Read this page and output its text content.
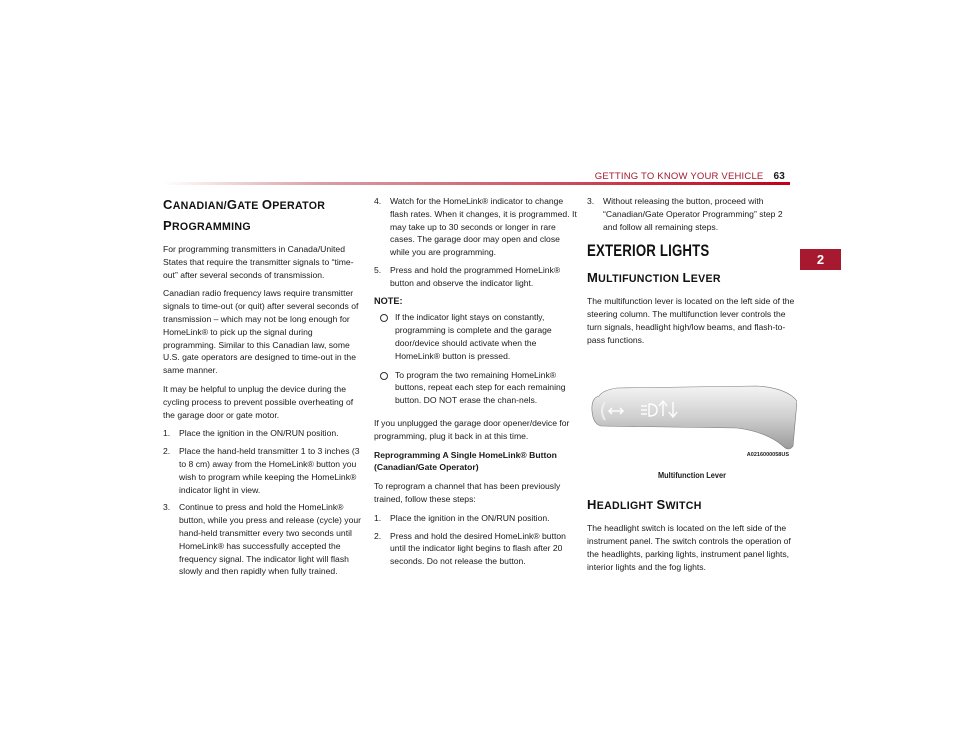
GETTING TO KNOW YOUR VEHICLE 63
2
CANADIAN/GATE OPERATOR
PROGRAMMING

For programming transmitters in Canada/United States that require the transmitter signals to “time-out” after several seconds of transmission.

Canadian radio frequency laws require transmitter signals to time-out (or quit) after several seconds of transmission – which may not be long enough for HomeLink® to pick up the signal during programming. Similar to this Canadian law, some U.S. gate operators are designed to time-out in the same manner.

It may be helpful to unplug the device during the cycling process to prevent possible overheating of the garage door or gate motor.

1.	Place the ignition in the ON/RUN position.
2.	Place the hand-held transmitter 1 to 3 inches (3 to 8 cm) away from the HomeLink® button you wish to program while keeping the HomeLink® indicator light in view.
3.	Continue to press and hold the HomeLink® button, while you press and release (cycle) your hand-held transmitter every two seconds until HomeLink® has successfully accepted the frequency signal. The indicator light will flash slowly and then rapidly when fully trained.
4.	Watch for the HomeLink® indicator to change flash rates. When it changes, it is programmed. It may take up to 30 seconds or longer in rare cases. The garage door may open and close while you are programming.
5.	Press and hold the programmed HomeLink® button and observe the indicator light.
NOTE:
If the indicator light stays on constantly, programming is complete and the garage door/device should activate when the HomeLink® button is pressed.
To program the two remaining HomeLink® buttons, repeat each step for each remaining button. DO NOT erase the chan-nels.

If you unplugged the garage door opener/device for programming, plug it back in at this time.

Reprogramming A Single HomeLink® Button (Canadian/Gate Operator)

To reprogram a channel that has been previously trained, follow these steps:

1.	Place the ignition in the ON/RUN position.
2.	Press and hold the desired HomeLink® button until the indicator light begins to flash after 20 seconds. Do not release the button.
3.	Without releasing the button, proceed with “Canadian/Gate Operator Programming” step 2 and follow all remaining steps.
EXTERIOR LIGHTS
MULTIFUNCTION LEVER

The multifunction lever is located on the left side of the steering column. The multifunction lever controls the turn signals, headlight high/low beams, and flash-to-pass functions.

A0216000058US
Multifunction Lever
HEADLIGHT SWITCH

The headlight switch is located on the left side of the instrument panel. The switch controls the operation of the headlights, parking lights, instrument panel lights, interior lights and the fog lights.
